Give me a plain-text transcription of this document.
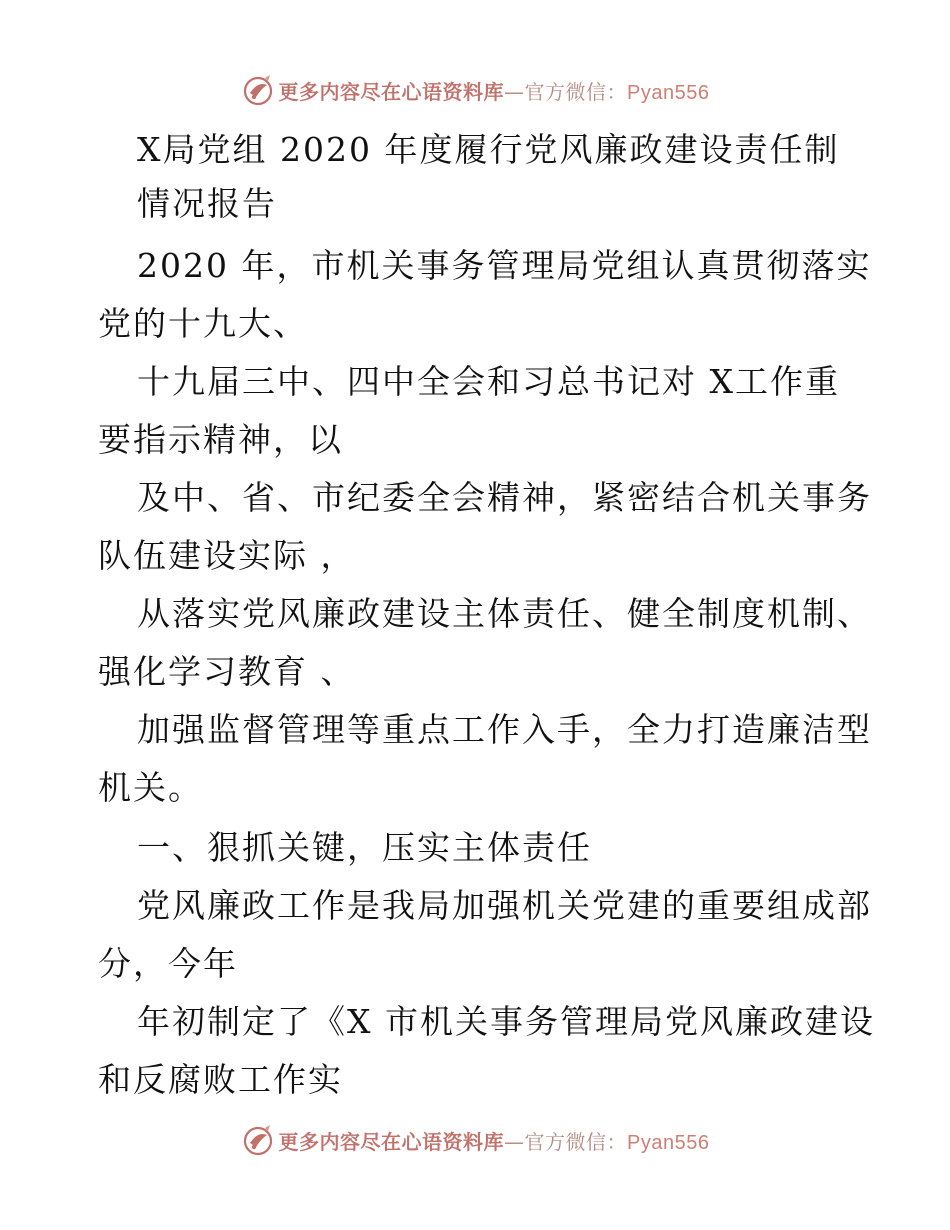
更多内容尽在心语资料库—官方微信：Pyan556
X局党组 2020 年度履行党风廉政建设责任制
情况报告
2020 年，市机关事务管理局党组认真贯彻落实
党的十九大、
十九届三中、四中全会和习总书记对 X工作重
要指示精神，以
及中、省、市纪委全会精神，紧密结合机关事务
队伍建设实际 ，
从落实党风廉政建设主体责任、健全制度机制、
强化学习教育 、
加强监督管理等重点工作入手，全力打造廉洁型
机关。
一、狠抓关键，压实主体责任
党风廉政工作是我局加强机关党建的重要组成部
分，今年
年初制定了《X 市机关事务管理局党风廉政建设
和反腐败工作实
更多内容尽在心语资料库—官方微信：Pyan556
